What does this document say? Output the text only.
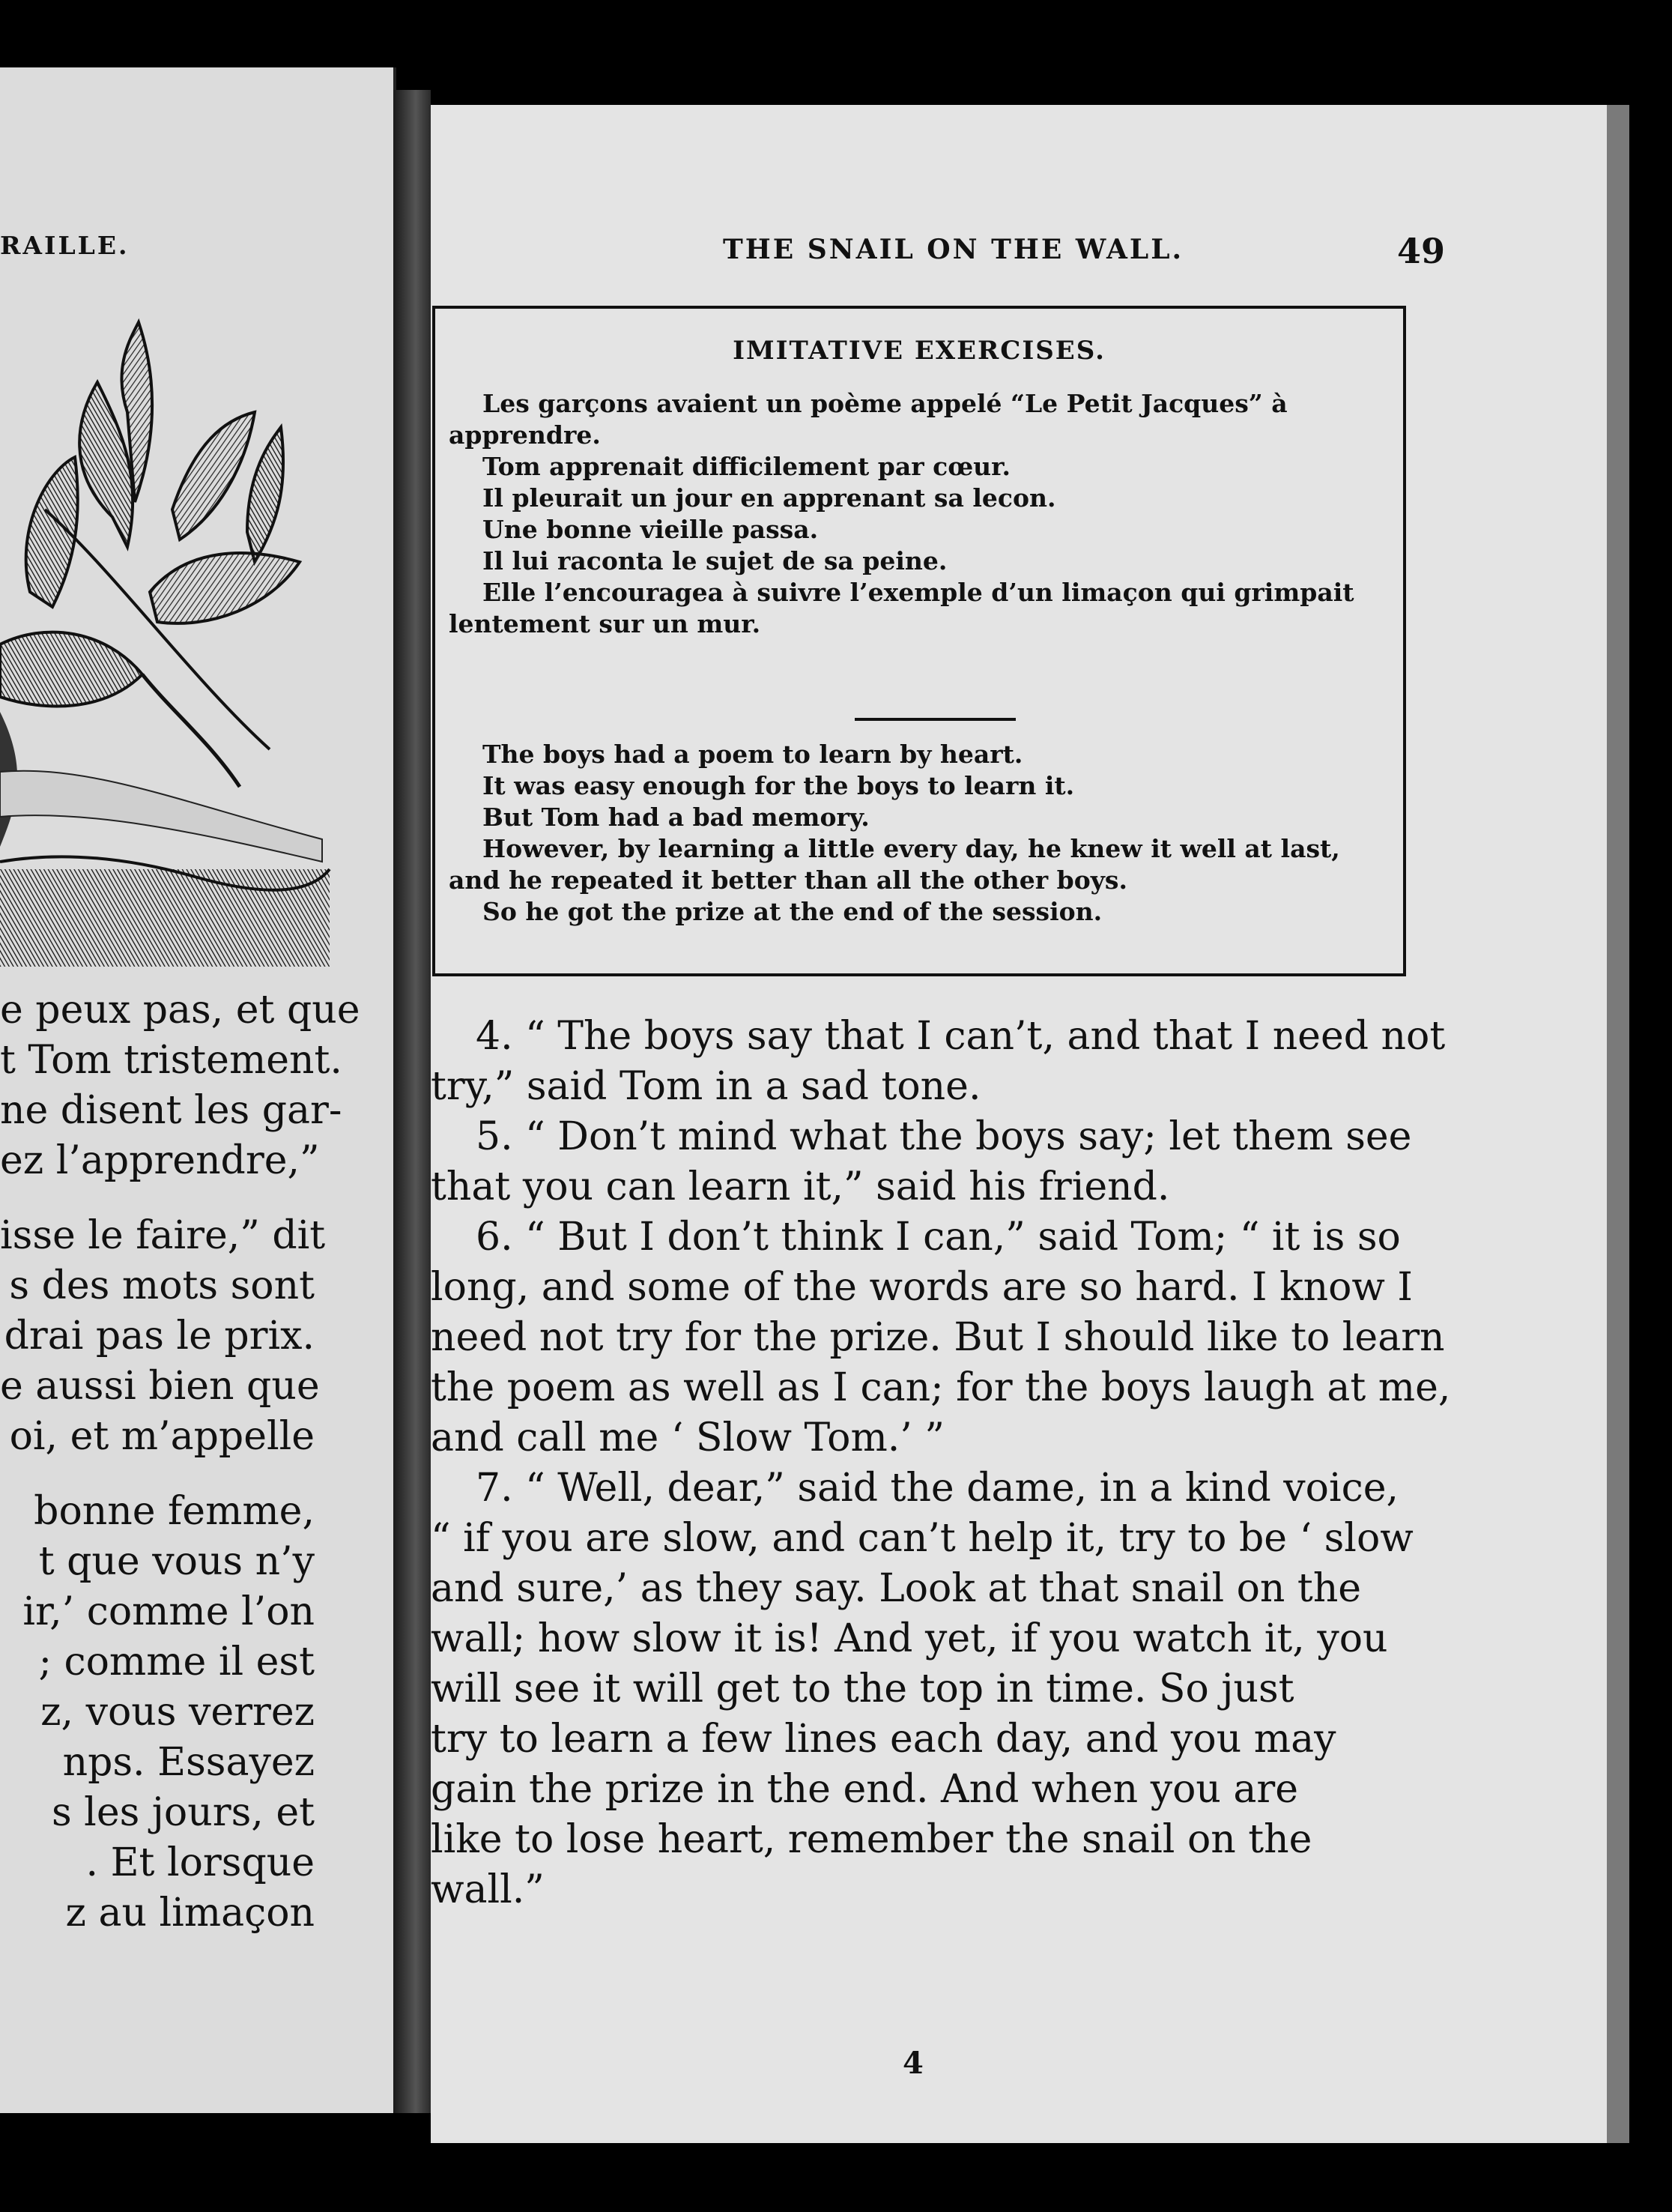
RAILLE.
e peux pas, et que
t Tom tristement.
ne disent les gar-
ez l’apprendre,”
isse le faire,” dit
s des mots sont
drai pas le prix.
e aussi bien que
oi, et m’appelle
bonne femme,
t que vous n’y
ir,’ comme l’on
; comme il est
z, vous verrez
nps. Essayez
s les jours, et
. Et lorsque
z au limaçon
THE SNAIL ON THE WALL.	49
IMITATIVE EXERCISES.
Les garçons avaient un poème appelé “Le Petit Jacques” à
apprendre.
Tom apprenait difficilement par cœur.
Il pleurait un jour en apprenant sa lecon.
Une bonne vieille passa.
Il lui raconta le sujet de sa peine.
Elle l’encouragea à suivre l’exemple d’un limaçon qui grimpait
lentement sur un mur.
The boys had a poem to learn by heart.
It was easy enough for the boys to learn it.
But Tom had a bad memory.
However, by learning a little every day, he knew it well at last,
and he repeated it better than all the other boys.
So he got the prize at the end of the session.
4. “ The boys say that I can’t, and that I need not
try,” said Tom in a sad tone.
5. “ Don’t mind what the boys say; let them see
that you can learn it,” said his friend.
6. “ But I don’t think I can,” said Tom; “ it is so
long, and some of the words are so hard. I know I
need not try for the prize. But I should like to learn
the poem as well as I can; for the boys laugh at me,
and call me ‘ Slow Tom.’ ”
7. “ Well, dear,” said the dame, in a kind voice,
“ if you are slow, and can’t help it, try to be ‘ slow
and sure,’ as they say. Look at that snail on the
wall; how slow it is! And yet, if you watch it, you
will see it will get to the top in time. So just
try to learn a few lines each day, and you may
gain the prize in the end. And when you are
like to lose heart, remember the snail on the
wall.”
4
